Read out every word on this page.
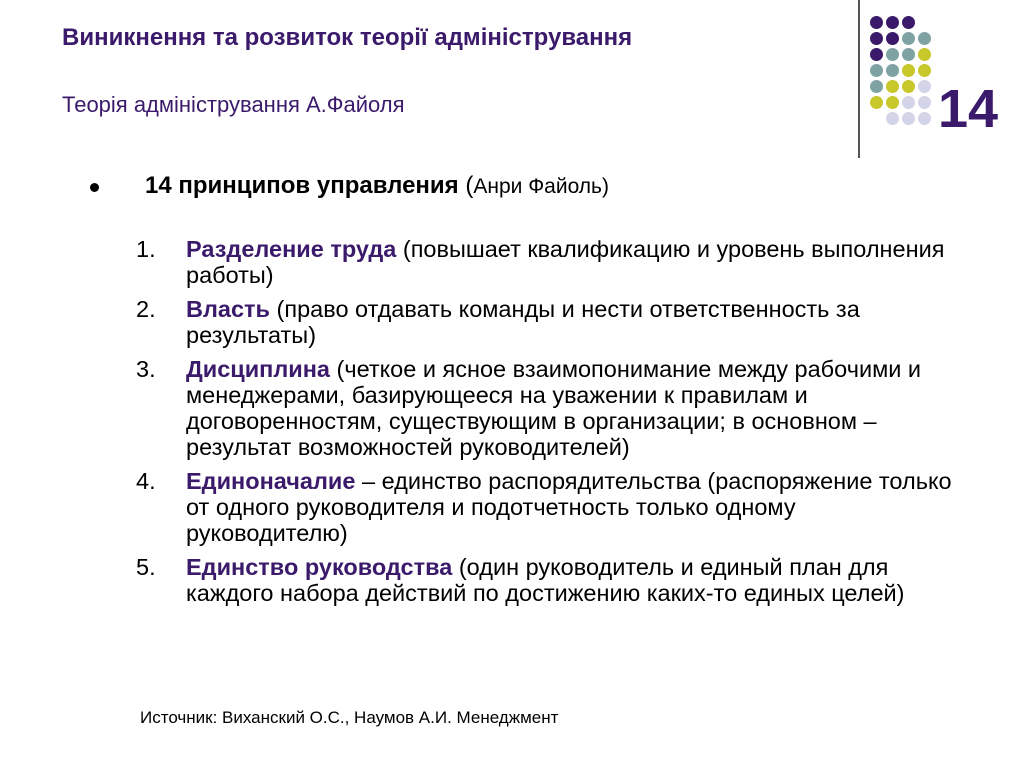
Виникнення та розвиток теорії адміністрування
Теорія адміністрування А.Файоля	14
14 принципов управления (Анри Файоль)
1. Разделение труда (повышает квалификацию и уровень выполнения работы)
2. Власть (право отдавать команды и нести ответственность за результаты)
3. Дисциплина (четкое и ясное взаимопонимание между рабочими и менеджерами, базирующееся на уважении к правилам и договоренностям, существующим в организации; в основном – результат возможностей руководителей)
4. Единоначалие – единство распорядительства (распоряжение только от одного руководителя и подотчетность только одному руководителю)
5. Единство руководства (один руководитель и единый план для каждого набора действий по достижению каких-то единых целей)
Источник: Виханский О.С., Наумов А.И. Менеджмент
